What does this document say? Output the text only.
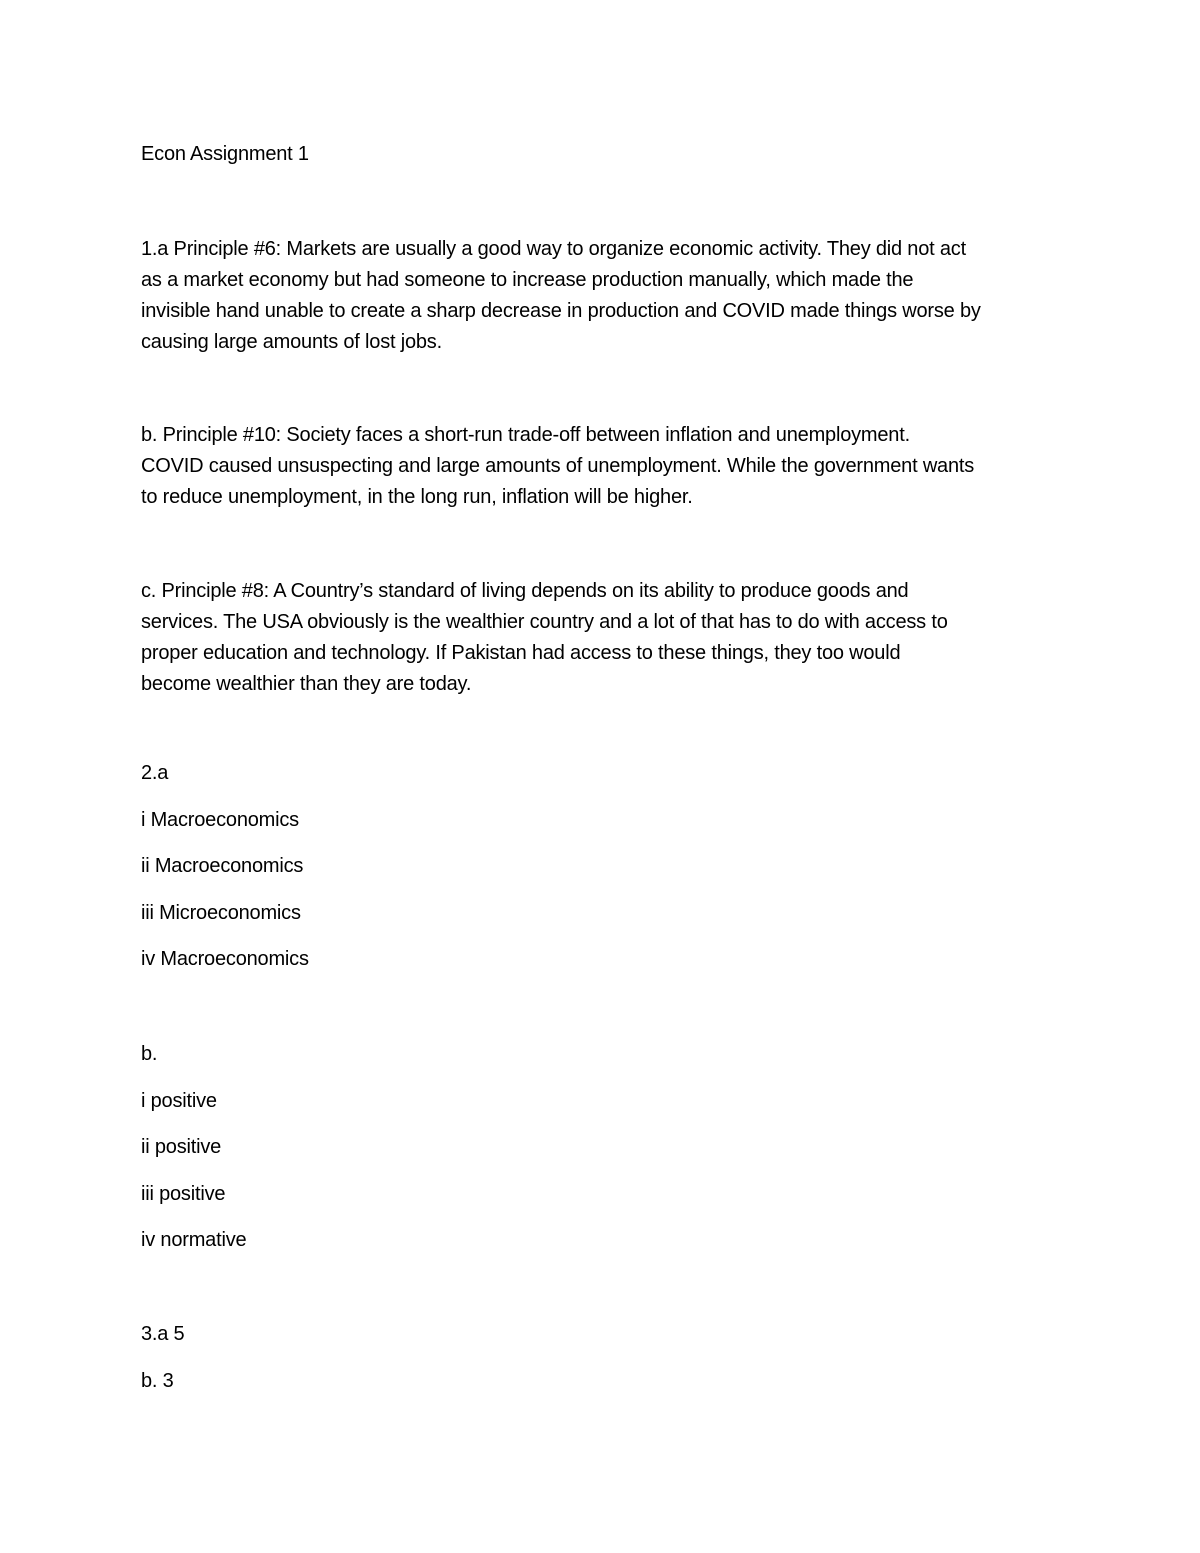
Econ Assignment 1

1.a Principle #6: Markets are usually a good way to organize economic activity. They did not act
as a market economy but had someone to increase production manually, which made the
invisible hand unable to create a sharp decrease in production and COVID made things worse by
causing large amounts of lost jobs.
b. Principle #10: Society faces a short-run trade-off between inflation and unemployment.
COVID caused unsuspecting and large amounts of unemployment. While the government wants
to reduce unemployment, in the long run, inflation will be higher.
c. Principle #8: A Country’s standard of living depends on its ability to produce goods and
services. The USA obviously is the wealthier country and a lot of that has to do with access to
proper education and technology. If Pakistan had access to these things, they too would
become wealthier than they are today.

2.a

i Macroeconomics

ii Macroeconomics

iii Microeconomics

iv Macroeconomics

b.

i positive

ii positive

iii positive

iv normative

3.a 5

b. 3
